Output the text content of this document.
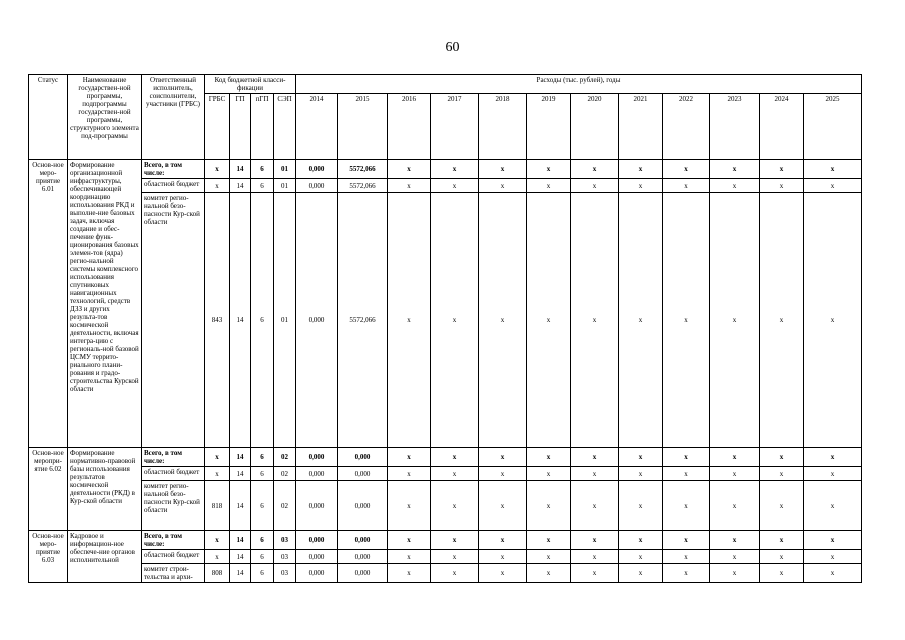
60
Статус	Наименование государствен-ной программы, подпрограммы государствен-ной программы, структурного элемента под-программы	Ответственный исполнитель, соисполнители, участники (ГРБС)	Код бюджетной класси-фикации				Расходы (тыс. рублей), годы											
			ГРБС	ГП	пГП	СЭП	2014	2015	2016	2017	2018	2019	2020	2021	2022	2023	2024	2025
Основ-ное меро-приятие 6.01	Формирование организационной инфраструктуры, обеспечивающей координацию использования РКД и выполне-ние базовых задач, включая создание и обес-печение функ-ционирования базовых элемен-тов (ядра) регио-нальной системы комплексного использования спутниковых навигационных технологий, средств ДЗЗ и других результа-тов космической деятельности, включая интегра-цию с региональ-ной базовой ЦСМУ террито-риального плани-рования и градо-строительства Курской области	Всего, в том числе:	x	14	6	01	0,000	5572,066	x	x	x	x	x	x	x	x	x	x
		областной бюджет	x	14	6	01	0,000	5572,066	x	x	x	x	x	x	x	x	x	x
		комитет регио-нальной безо-пасности Кур-ской области	843	14	6	01	0,000	5572,066	x	x	x	x	x	x	x	x	x	x
Основ-ное меропри-ятие 6.02	Формирование нормативно-правовой базы использования результатов космической деятельности (РКД) в Кур-ской области	Всего, в том числе:	x	14	6	02	0,000	0,000	x	x	x	x	x	x	x	x	x	x
		областной бюджет	x	14	6	02	0,000	0,000	x	x	x	x	x	x	x	x	x	x
		комитет регио-нальной безо-пасности Кур-ской области	818	14	6	02	0,000	0,000	x	x	x	x	x	x	x	x	x	x
Основ-ное меро-приятие 6.03	Кадровое и информацион-ное обеспече-ние органов исполнительной	Всего, в том числе:	x	14	6	03	0,000	0,000	x	x	x	x	x	x	x	x	x	x
		областной бюджет	x	14	6	03	0,000	0,000	x	x	x	x	x	x	x	x	x	x
		комитет строи-тельства и архи-	808	14	6	03	0,000	0,000	x	x	x	x	x	x	x	x	x	x
